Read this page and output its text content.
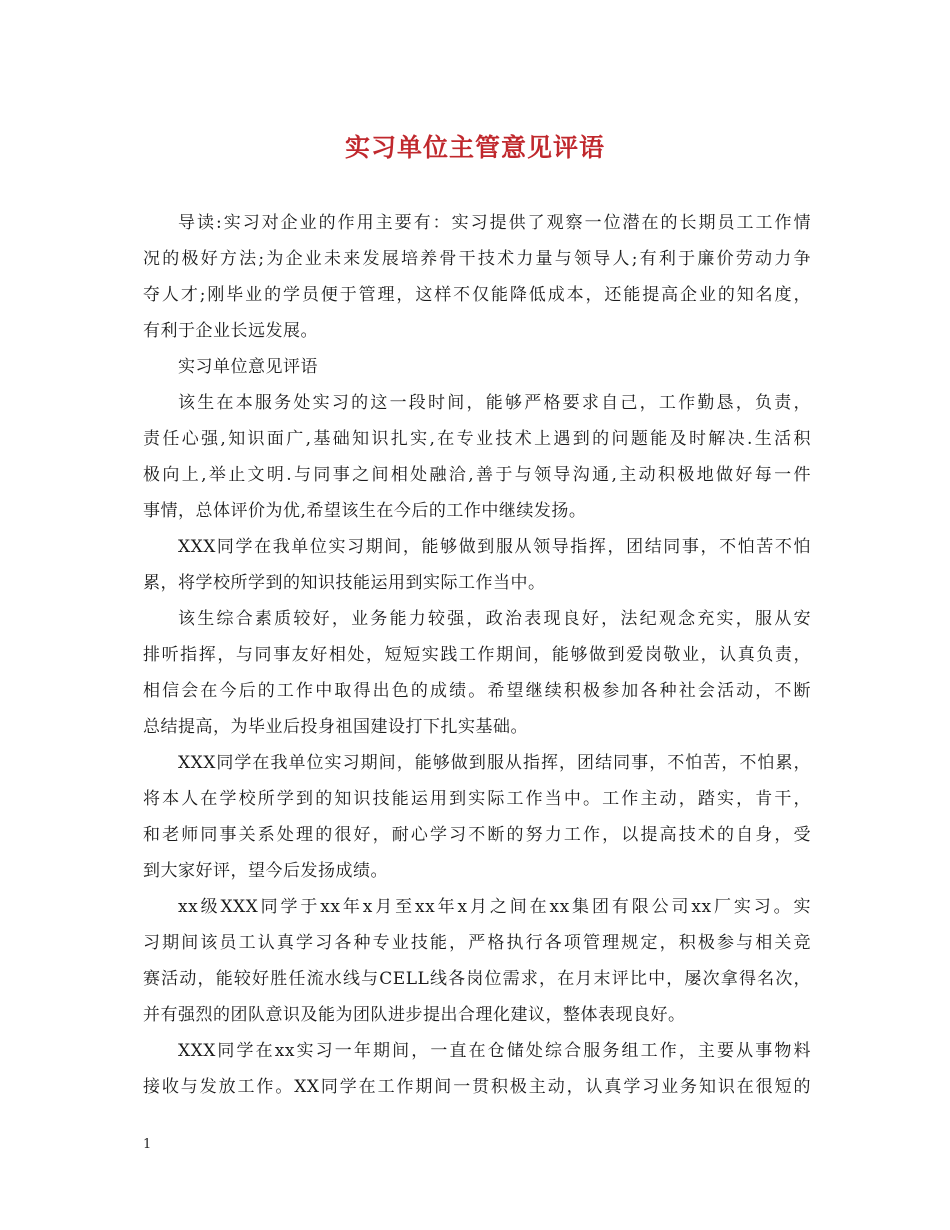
实习单位主管意见评语
导读:实习对企业的作用主要有：实习提供了观察一位潜在的长期员工工作情
况的极好方法;为企业未来发展培养骨干技术力量与领导人;有利于廉价劳动力争
夺人才;刚毕业的学员便于管理，这样不仅能降低成本，还能提高企业的知名度，
有利于企业长远发展。
实习单位意见评语
该生在本服务处实习的这一段时间，能够严格要求自己，工作勤恳，负责，
责任心强,知识面广,基础知识扎实,在专业技术上遇到的问题能及时解决.生活积
极向上,举止文明.与同事之间相处融洽,善于与领导沟通,主动积极地做好每一件
事情，总体评价为优,希望该生在今后的工作中继续发扬。
XXX同学在我单位实习期间，能够做到服从领导指挥，团结同事，不怕苦不怕
累，将学校所学到的知识技能运用到实际工作当中。
该生综合素质较好，业务能力较强，政治表现良好，法纪观念充实，服从安
排听指挥，与同事友好相处，短短实践工作期间，能够做到爱岗敬业，认真负责，
相信会在今后的工作中取得出色的成绩。希望继续积极参加各种社会活动，不断
总结提高，为毕业后投身祖国建设打下扎实基础。
XXX同学在我单位实习期间，能够做到服从指挥，团结同事，不怕苦，不怕累，
将本人在学校所学到的知识技能运用到实际工作当中。工作主动，踏实，肯干，
和老师同事关系处理的很好，耐心学习不断的努力工作，以提高技术的自身，受
到大家好评，望今后发扬成绩。
xx级XXX同学于xx年x月至xx年x月之间在xx集团有限公司xx厂实习。实
习期间该员工认真学习各种专业技能，严格执行各项管理规定，积极参与相关竞
赛活动，能较好胜任流水线与CELL线各岗位需求，在月末评比中，屡次拿得名次，
并有强烈的团队意识及能为团队进步提出合理化建议，整体表现良好。
XXX同学在xx实习一年期间，一直在仓储处综合服务组工作，主要从事物料
接收与发放工作。XX同学在工作期间一贯积极主动，认真学习业务知识在很短的
1
